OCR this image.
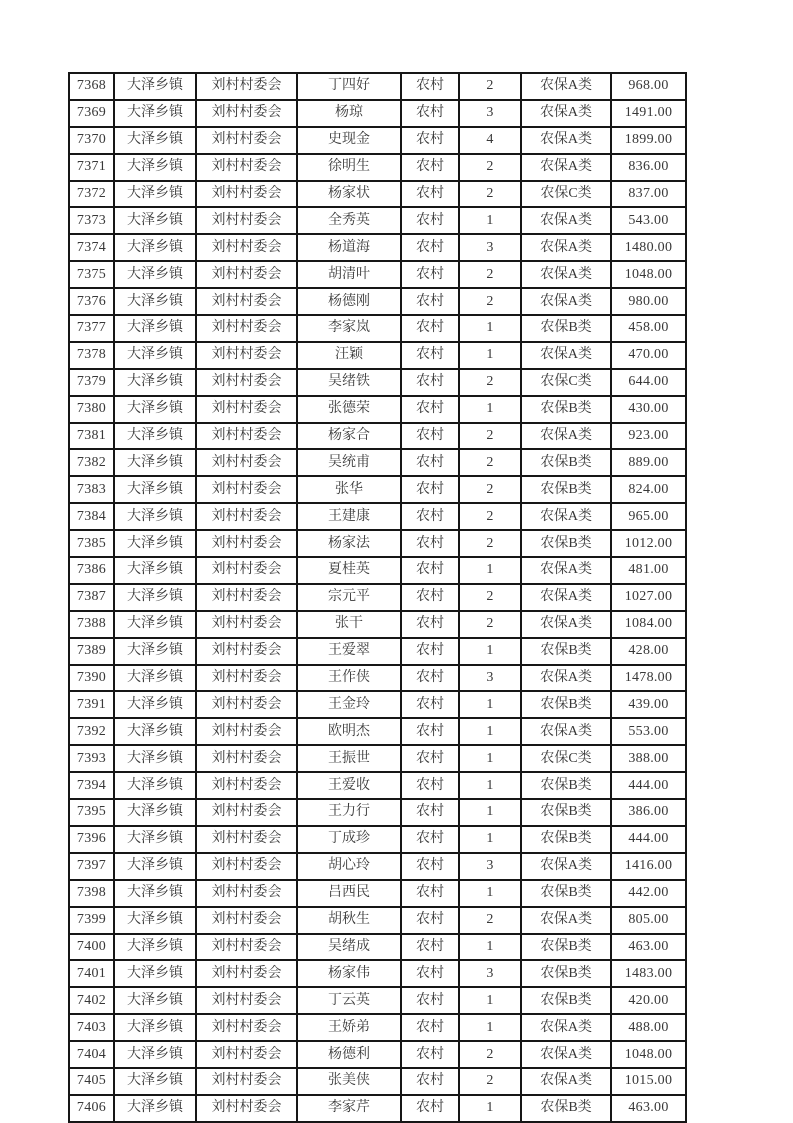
7368	大泽乡镇	刘村村委会	丁四好	农村	2	农保A类	968.00
7369	大泽乡镇	刘村村委会	杨琼	农村	3	农保A类	1491.00
7370	大泽乡镇	刘村村委会	史现金	农村	4	农保A类	1899.00
7371	大泽乡镇	刘村村委会	徐明生	农村	2	农保A类	836.00
7372	大泽乡镇	刘村村委会	杨家状	农村	2	农保C类	837.00
7373	大泽乡镇	刘村村委会	全秀英	农村	1	农保A类	543.00
7374	大泽乡镇	刘村村委会	杨道海	农村	3	农保A类	1480.00
7375	大泽乡镇	刘村村委会	胡清叶	农村	2	农保A类	1048.00
7376	大泽乡镇	刘村村委会	杨德刚	农村	2	农保A类	980.00
7377	大泽乡镇	刘村村委会	李家岚	农村	1	农保B类	458.00
7378	大泽乡镇	刘村村委会	汪颖	农村	1	农保A类	470.00
7379	大泽乡镇	刘村村委会	吴绪铁	农村	2	农保C类	644.00
7380	大泽乡镇	刘村村委会	张德荣	农村	1	农保B类	430.00
7381	大泽乡镇	刘村村委会	杨家合	农村	2	农保A类	923.00
7382	大泽乡镇	刘村村委会	吴统甫	农村	2	农保B类	889.00
7383	大泽乡镇	刘村村委会	张华	农村	2	农保B类	824.00
7384	大泽乡镇	刘村村委会	王建康	农村	2	农保A类	965.00
7385	大泽乡镇	刘村村委会	杨家法	农村	2	农保B类	1012.00
7386	大泽乡镇	刘村村委会	夏桂英	农村	1	农保A类	481.00
7387	大泽乡镇	刘村村委会	宗元平	农村	2	农保A类	1027.00
7388	大泽乡镇	刘村村委会	张干	农村	2	农保A类	1084.00
7389	大泽乡镇	刘村村委会	王爱翠	农村	1	农保B类	428.00
7390	大泽乡镇	刘村村委会	王作侠	农村	3	农保A类	1478.00
7391	大泽乡镇	刘村村委会	王金玲	农村	1	农保B类	439.00
7392	大泽乡镇	刘村村委会	欧明杰	农村	1	农保A类	553.00
7393	大泽乡镇	刘村村委会	王振世	农村	1	农保C类	388.00
7394	大泽乡镇	刘村村委会	王爱收	农村	1	农保B类	444.00
7395	大泽乡镇	刘村村委会	王力行	农村	1	农保B类	386.00
7396	大泽乡镇	刘村村委会	丁成珍	农村	1	农保B类	444.00
7397	大泽乡镇	刘村村委会	胡心玲	农村	3	农保A类	1416.00
7398	大泽乡镇	刘村村委会	吕西民	农村	1	农保B类	442.00
7399	大泽乡镇	刘村村委会	胡秋生	农村	2	农保A类	805.00
7400	大泽乡镇	刘村村委会	吴绪成	农村	1	农保B类	463.00
7401	大泽乡镇	刘村村委会	杨家伟	农村	3	农保B类	1483.00
7402	大泽乡镇	刘村村委会	丁云英	农村	1	农保B类	420.00
7403	大泽乡镇	刘村村委会	王娇弟	农村	1	农保A类	488.00
7404	大泽乡镇	刘村村委会	杨德利	农村	2	农保A类	1048.00
7405	大泽乡镇	刘村村委会	张美侠	农村	2	农保A类	1015.00
7406	大泽乡镇	刘村村委会	李家芹	农村	1	农保B类	463.00
